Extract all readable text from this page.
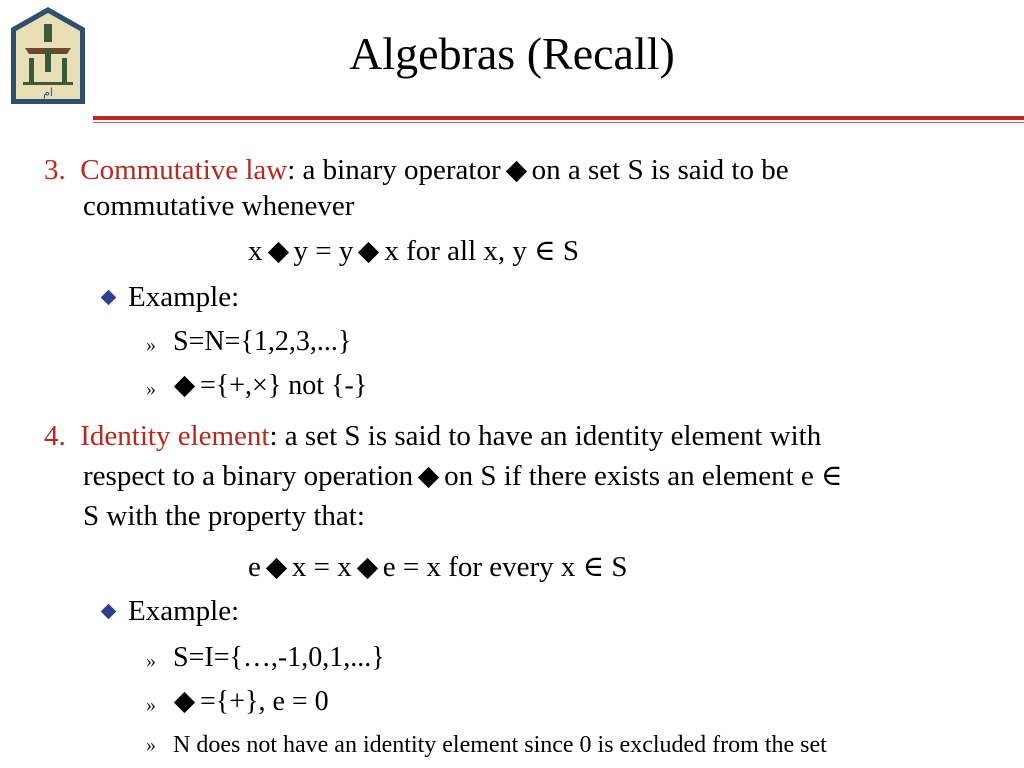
ام
Algebras (Recall)
3. Commutative law: a binary operator on a set S is said to be
commutative whenever
x y = y x for all x, y ∈ S
Example:
» S=N={1,2,3,...}
»	={+,×} not {-}
4. Identity element: a set S is said to have an identity element with
respect to a binary operation on S if there exists an element e ∈
S with the property that:
e x = x e = x for every x ∈ S
Example:
» S=I={…,-1,0,1,...}
»	={+}, e = 0
» N does not have an identity element since 0 is excluded from the set
